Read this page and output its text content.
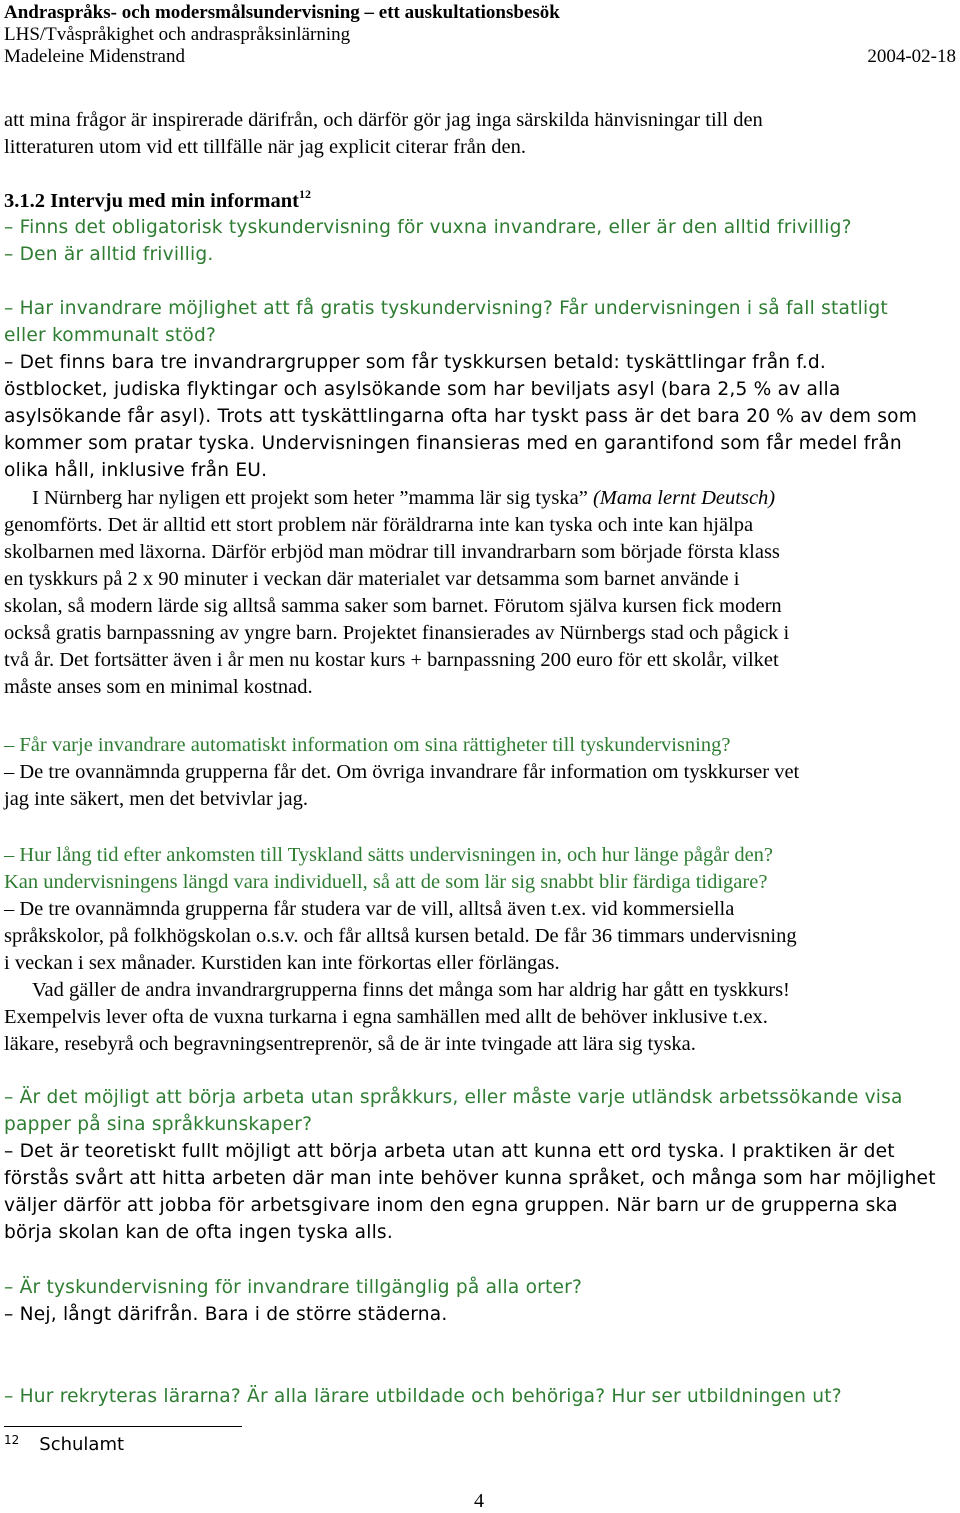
Andraspråks- och modersmålsundervisning – ett auskultationsbesök
LHS/Tvåspråkighet och andraspråksinlärning
Madeleine Midenstrand	2004-02-18
att mina frågor är inspirerade därifrån, och därför gör jag inga särskilda hänvisningar till den
litteraturen utom vid ett tillfälle när jag explicit citerar från den.
3.1.2 Intervju med min informant$^{12}$
– Finns det obligatorisk tyskundervisning för vuxna invandrare, eller är den alltid frivillig?
– Den är alltid frivillig.
– Har invandrare möjlighet att få gratis tyskundervisning? Får undervisningen i så fall statligt
eller kommunalt stöd?
– Det finns bara tre invandrargrupper som får tyskkursen betald: tyskättlingar från f.d.
östblocket, judiska flyktingar och asylsökande som har beviljats asyl (bara 2,5 % av alla
asylsökande får asyl). Trots att tyskättlingarna ofta har tyskt pass är det bara 20 % av dem som
kommer som pratar tyska. Undervisningen finansieras med en garantifond som får medel från
olika håll, inklusive från EU.
I Nürnberg har nyligen ett projekt som heter ”mamma lär sig tyska” (Mama lernt Deutsch)
genomförts. Det är alltid ett stort problem när föräldrarna inte kan tyska och inte kan hjälpa
skolbarnen med läxorna. Därför erbjöd man mödrar till invandrarbarn som började första klass
en tyskkurs på 2 x 90 minuter i veckan där materialet var detsamma som barnet använde i
skolan, så modern lärde sig alltså samma saker som barnet. Förutom själva kursen fick modern
också gratis barnpassning av yngre barn. Projektet finansierades av Nürnbergs stad och pågick i
två år. Det fortsätter även i år men nu kostar kurs + barnpassning 200 euro för ett skolår, vilket
måste anses som en minimal kostnad.
– Får varje invandrare automatiskt information om sina rättigheter till tyskundervisning?
– De tre ovannämnda grupperna får det. Om övriga invandrare får information om tyskkurser vet
jag inte säkert, men det betvivlar jag.
– Hur lång tid efter ankomsten till Tyskland sätts undervisningen in, och hur länge pågår den?
Kan undervisningens längd vara individuell, så att de som lär sig snabbt blir färdiga tidigare?
– De tre ovannämnda grupperna får studera var de vill, alltså även t.ex. vid kommersiella
språkskolor, på folkhögskolan o.s.v. och får alltså kursen betald. De får 36 timmars undervisning
i veckan i sex månader. Kurstiden kan inte förkortas eller förlängas.
Vad gäller de andra invandrargrupperna finns det många som har aldrig har gått en tyskkurs!
Exempelvis lever ofta de vuxna turkarna i egna samhällen med allt de behöver inklusive t.ex.
läkare, resebyrå och begravningsentreprenör, så de är inte tvingade att lära sig tyska.
– Är det möjligt att börja arbeta utan språkkurs, eller måste varje utländsk arbetssökande visa
papper på sina språkkunskaper?
– Det är teoretiskt fullt möjligt att börja arbeta utan att kunna ett ord tyska. I praktiken är det
förstås svårt att hitta arbeten där man inte behöver kunna språket, och många som har möjlighet
väljer därför att jobba för arbetsgivare inom den egna gruppen. När barn ur de grupperna ska
börja skolan kan de ofta ingen tyska alls.
– Är tyskundervisning för invandrare tillgänglig på alla orter?
– Nej, långt därifrån. Bara i de större städerna.
– Hur rekryteras lärarna? Är alla lärare utbildade och behöriga? Hur ser utbildningen ut?
$^{12}$ Schulamt
4
